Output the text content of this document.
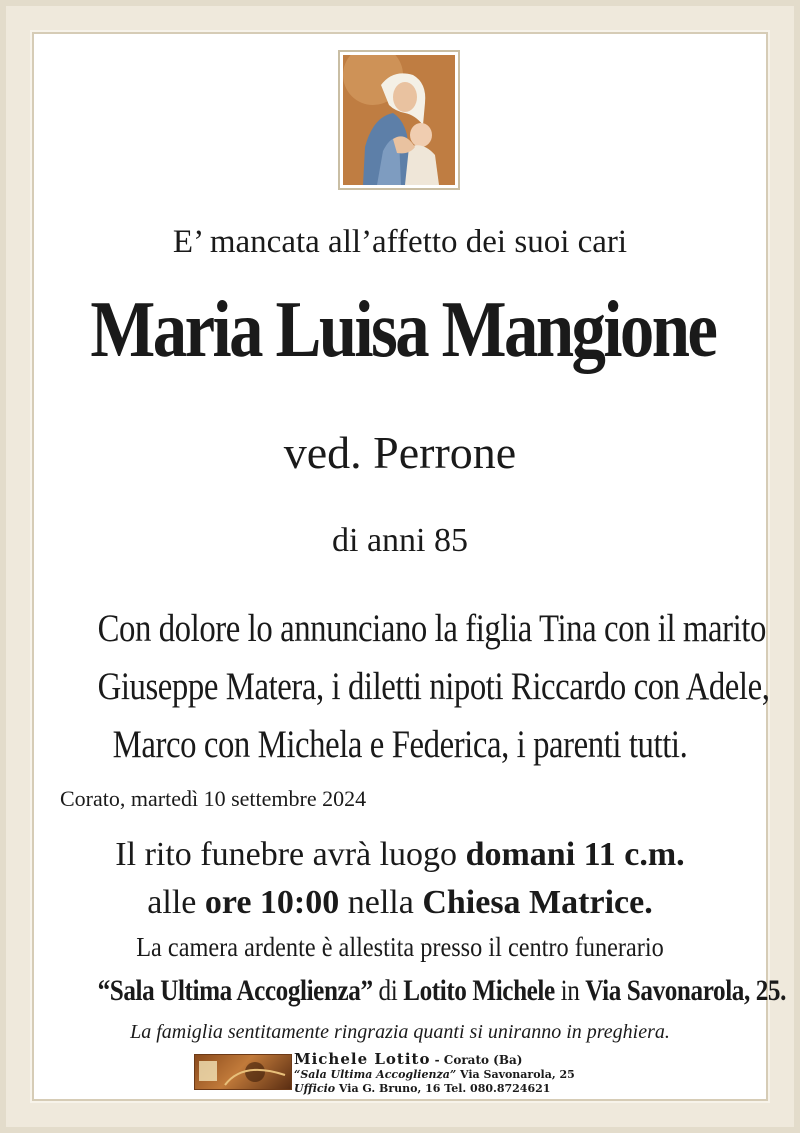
E’ mancata all’affetto dei suoi cari
Maria Luisa Mangione
ved. Perrone
di anni 85
Con dolore lo annunciano la figlia Tina con il marito
Giuseppe Matera, i diletti nipoti Riccardo con Adele,
Marco con Michela e Federica, i parenti tutti.
Corato, martedì 10 settembre 2024
Il rito funebre avrà luogo domani 11 c.m.
alle ore 10:00 nella Chiesa Matrice.
La camera ardente è allestita presso il centro funerario
“Sala Ultima Accoglienza” di Lotito Michele in Via Savonarola, 25.
La famiglia sentitamente ringrazia quanti si uniranno in preghiera.
Michele Lotito - Corato (Ba)
“Sala Ultima Accoglienza” Via Savonarola, 25
Ufficio Via G. Bruno, 16 Tel. 080.8724621
